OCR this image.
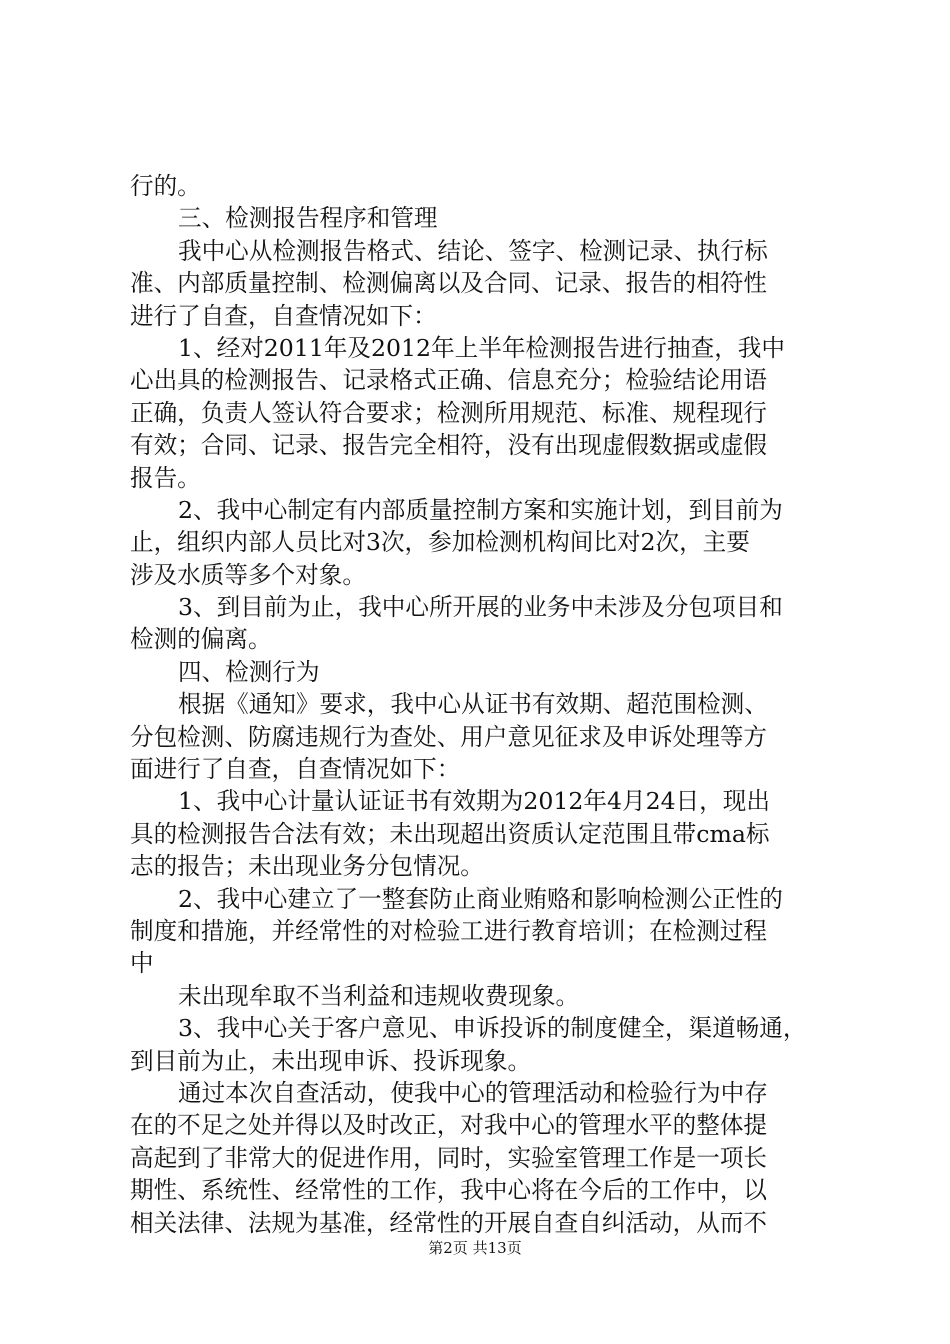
行的。
三、检测报告程序和管理
我中心从检测报告格式、结论、签字、检测记录、执行标
准、内部质量控制、检测偏离以及合同、记录、报告的相符性
进行了自查，自查情况如下：
1、经对2011年及2012年上半年检测报告进行抽查，我中
心出具的检测报告、记录格式正确、信息充分；检验结论用语
正确，负责人签认符合要求；检测所用规范、标准、规程现行
有效；合同、记录、报告完全相符，没有出现虚假数据或虚假
报告。
2、我中心制定有内部质量控制方案和实施计划，到目前为
止，组织内部人员比对3次，参加检测机构间比对2次，主要
涉及水质等多个对象。
3、到目前为止，我中心所开展的业务中未涉及分包项目和
检测的偏离。
四、检测行为
根据《通知》要求，我中心从证书有效期、超范围检测、
分包检测、防腐违规行为查处、用户意见征求及申诉处理等方
面进行了自查，自查情况如下：
1、我中心计量认证证书有效期为2012年4月24日，现出
具的检测报告合法有效；未出现超出资质认定范围且带cma标
志的报告；未出现业务分包情况。
2、我中心建立了一整套防止商业贿赂和影响检测公正性的
制度和措施，并经常性的对检验工进行教育培训；在检测过程
中
未出现牟取不当利益和违规收费现象。
3、我中心关于客户意见、申诉投诉的制度健全，渠道畅通，
到目前为止，未出现申诉、投诉现象。
通过本次自查活动，使我中心的管理活动和检验行为中存
在的不足之处并得以及时改正，对我中心的管理水平的整体提
高起到了非常大的促进作用，同时，实验室管理工作是一项长
期性、系统性、经常性的工作，我中心将在今后的工作中，以
相关法律、法规为基准，经常性的开展自查自纠活动，从而不
第2页 共13页
